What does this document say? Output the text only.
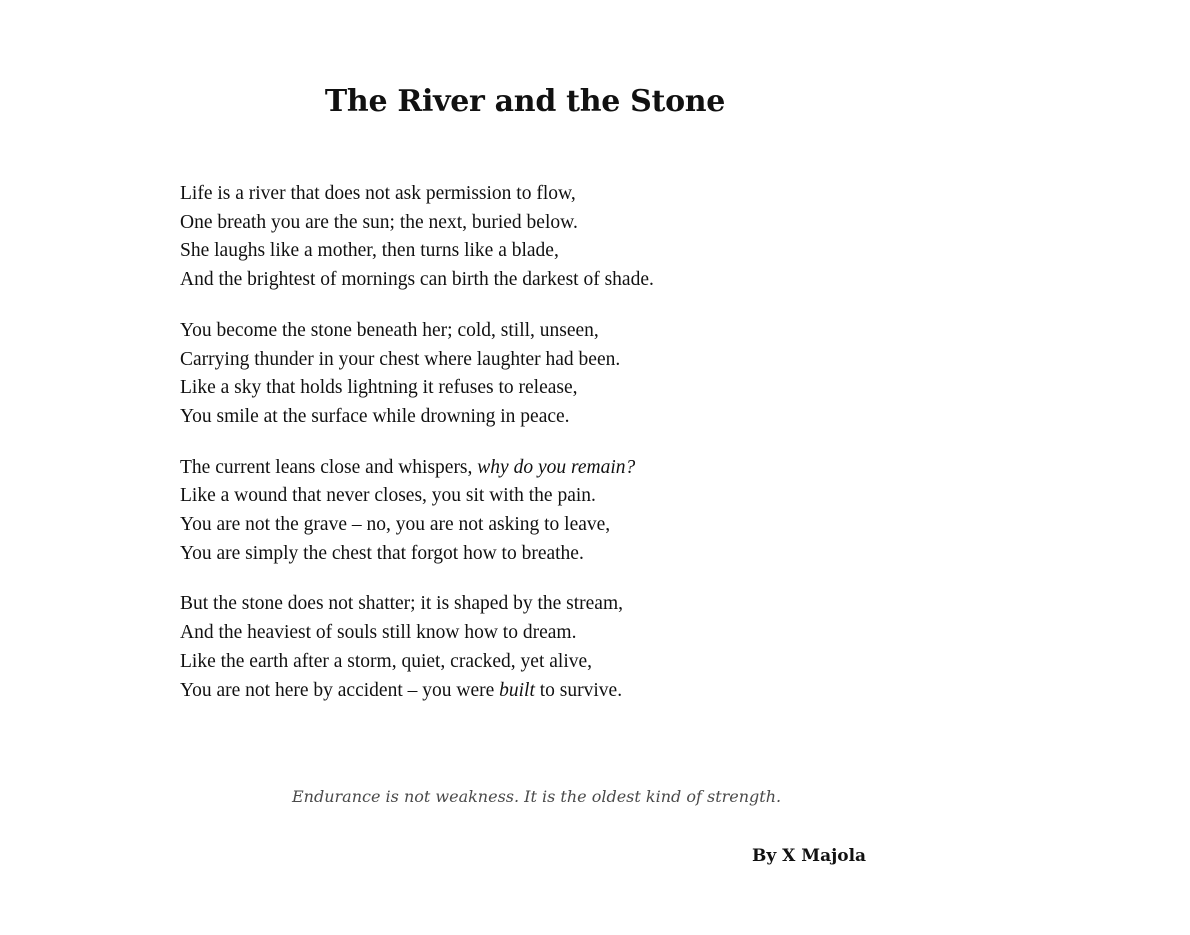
The River and the Stone
Life is a river that does not ask permission to flow,
One breath you are the sun; the next, buried below.
She laughs like a mother, then turns like a blade,
And the brightest of mornings can birth the darkest of shade.
You become the stone beneath her; cold, still, unseen,
Carrying thunder in your chest where laughter had been.
Like a sky that holds lightning it refuses to release,
You smile at the surface while drowning in peace.
The current leans close and whispers, why do you remain?
Like a wound that never closes, you sit with the pain.
You are not the grave – no, you are not asking to leave,
You are simply the chest that forgot how to breathe.
But the stone does not shatter; it is shaped by the stream,
And the heaviest of souls still know how to dream.
Like the earth after a storm, quiet, cracked, yet alive,
You are not here by accident – you were built to survive.
Endurance is not weakness. It is the oldest kind of strength.
By X Majola
